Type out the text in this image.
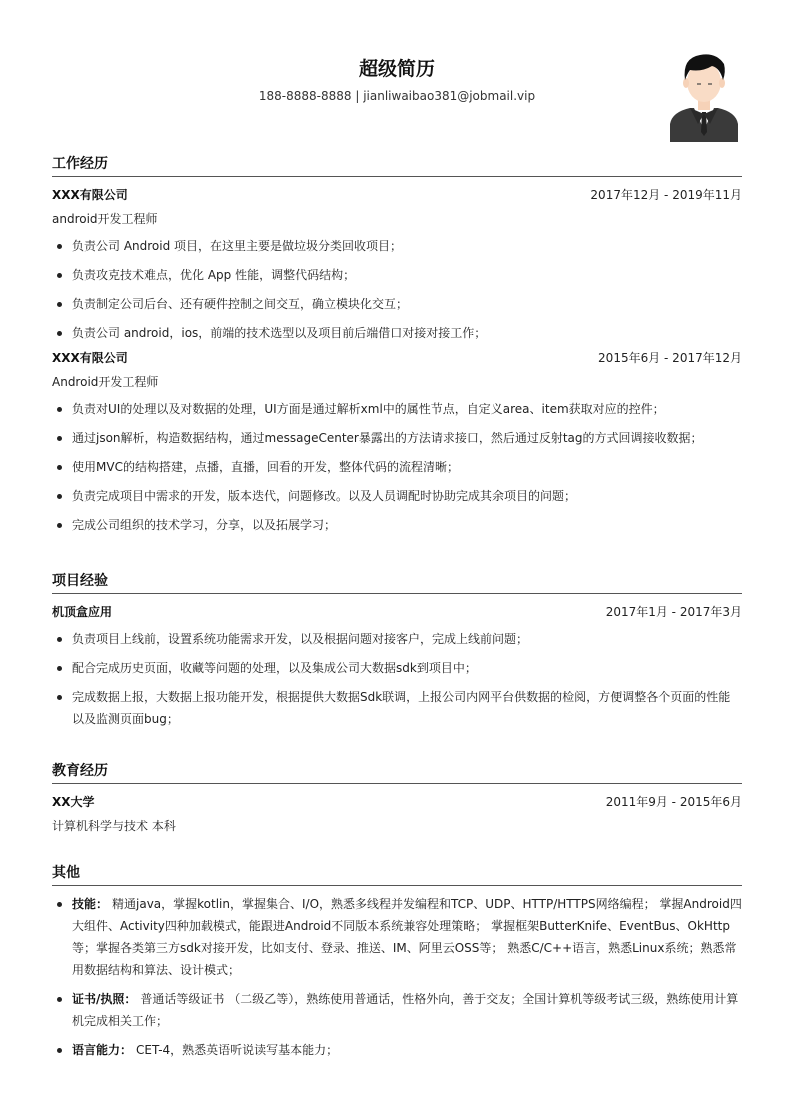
超级简历
188-8888-8888 | jianliwaibao381@jobmail.vip
工作经历
XXX有限公司	2017年12月 - 2019年11月
android开发工程师
负责公司 Android 项目，在这里主要是做垃圾分类回收项目；
负责攻克技术难点，优化 App 性能，调整代码结构；
负责制定公司后台、还有硬件控制之间交互，确立模块化交互；
负责公司 android，ios，前端的技术选型以及项目前后端借口对接对接工作；
XXX有限公司	2015年6月 - 2017年12月
Android开发工程师
负责对UI的处理以及对数据的处理，UI方面是通过解析xml中的属性节点，自定义area、item获取对应的控件；
通过json解析，构造数据结构，通过messageCenter暴露出的方法请求接口，然后通过反射tag的方式回调接收数据；
使用MVC的结构搭建，点播，直播，回看的开发，整体代码的流程清晰；
负责完成项目中需求的开发，版本迭代，问题修改。以及人员调配时协助完成其余项目的问题；
完成公司组织的技术学习，分享，以及拓展学习；
项目经验
机顶盒应用	2017年1月 - 2017年3月
负责项目上线前，设置系统功能需求开发，以及根据问题对接客户，完成上线前问题；
配合完成历史页面，收藏等问题的处理，以及集成公司大数据sdk到项目中；
完成数据上报，大数据上报功能开发，根据提供大数据Sdk联调，上报公司内网平台供数据的检阅，方便调整各个页面的性能以及监测页面bug；
教育经历
XX大学	2011年9月 - 2015年6月
计算机科学与技术 本科
其他
技能： 精通java，掌握kotlin，掌握集合、I/O，熟悉多线程并发编程和TCP、UDP、HTTP/HTTPS网络编程； 掌握Android四大组件、Activity四种加载模式，能跟进Android不同版本系统兼容处理策略； 掌握框架ButterKnife、EventBus、OkHttp等；掌握各类第三方sdk对接开发，比如支付、登录、推送、IM、阿里云OSS等； 熟悉C/C++语言，熟悉Linux系统；熟悉常用数据结构和算法、设计模式；
证书/执照： 普通话等级证书 （二级乙等），熟练使用普通话，性格外向，善于交友；全国计算机等级考试三级，熟练使用计算机完成相关工作；
语言能力： CET-4，熟悉英语听说读写基本能力；
